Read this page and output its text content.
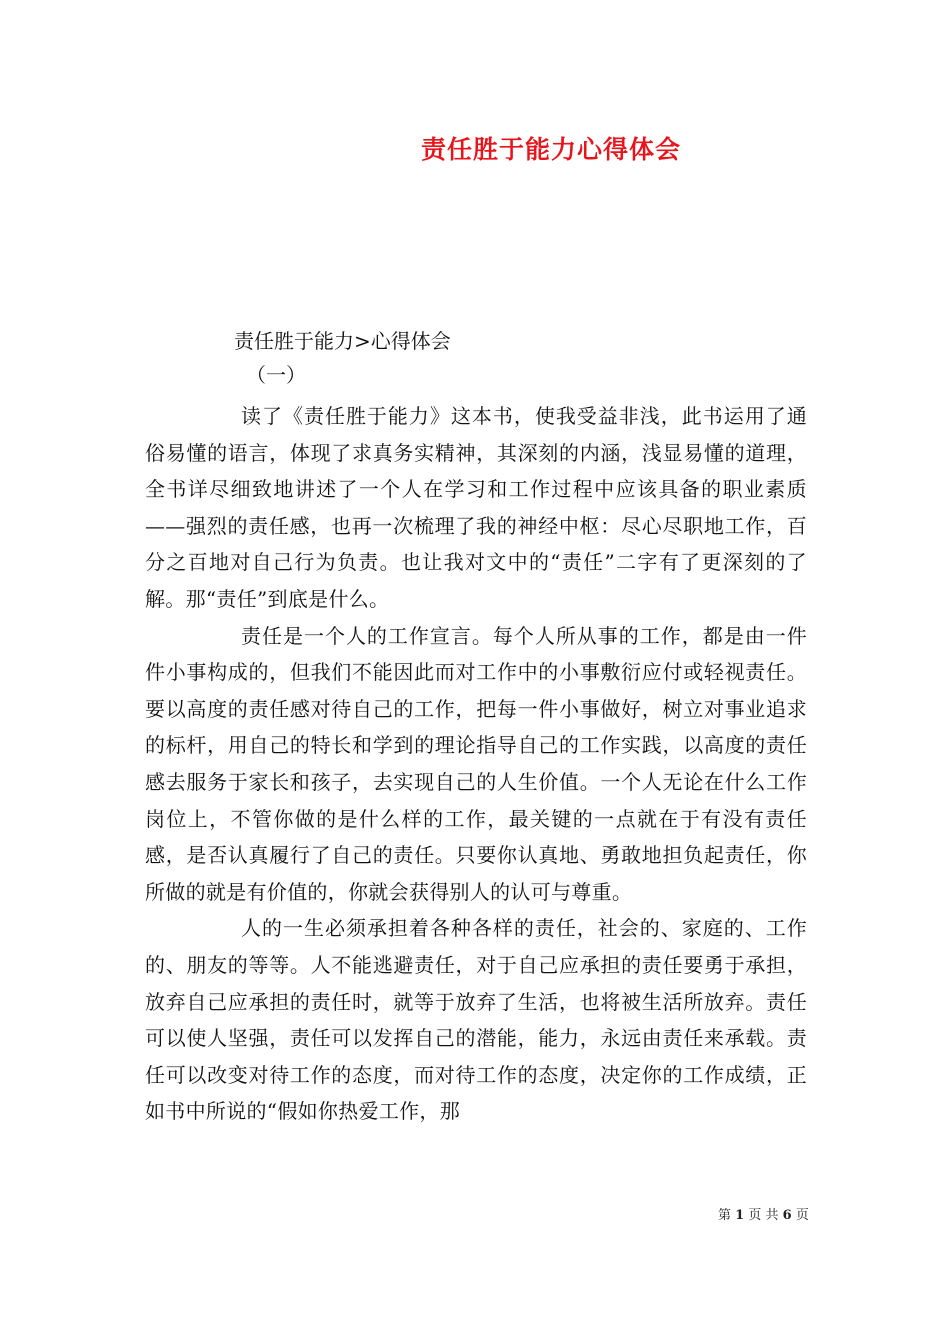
责任胜于能力心得体会
责任胜于能力>心得体会
（一）

读了《责任胜于能力》这本书，使我受益非浅，此书运用了通俗易懂的语言，体现了求真务实精神，其深刻的内涵，浅显易懂的道理，全书详尽细致地讲述了一个人在学习和工作过程中应该具备的职业素质——强烈的责任感，也再一次梳理了我的神经中枢：尽心尽职地工作，百分之百地对自己行为负责。也让我对文中的“责任”二字有了更深刻的了解。那“责任”到底是什么。

责任是一个人的工作宣言。每个人所从事的工作，都是由一件件小事构成的，但我们不能因此而对工作中的小事敷衍应付或轻视责任。要以高度的责任感对待自己的工作，把每一件小事做好，树立对事业追求的标杆，用自己的特长和学到的理论指导自己的工作实践，以高度的责任感去服务于家长和孩子，去实现自己的人生价值。一个人无论在什么工作岗位上，不管你做的是什么样的工作，最关键的一点就在于有没有责任感，是否认真履行了自己的责任。只要你认真地、勇敢地担负起责任，你所做的就是有价值的，你就会获得别人的认可与尊重。

人的一生必须承担着各种各样的责任，社会的、家庭的、工作的、朋友的等等。人不能逃避责任，对于自己应承担的责任要勇于承担，放弃自己应承担的责任时，就等于放弃了生活，也将被生活所放弃。责任可以使人坚强，责任可以发挥自己的潜能，能力，永远由责任来承载。责任可以改变对待工作的态度，而对待工作的态度，决定你的工作成绩，正如书中所说的“假如你热爱工作，那

第 1 页 共 6 页
